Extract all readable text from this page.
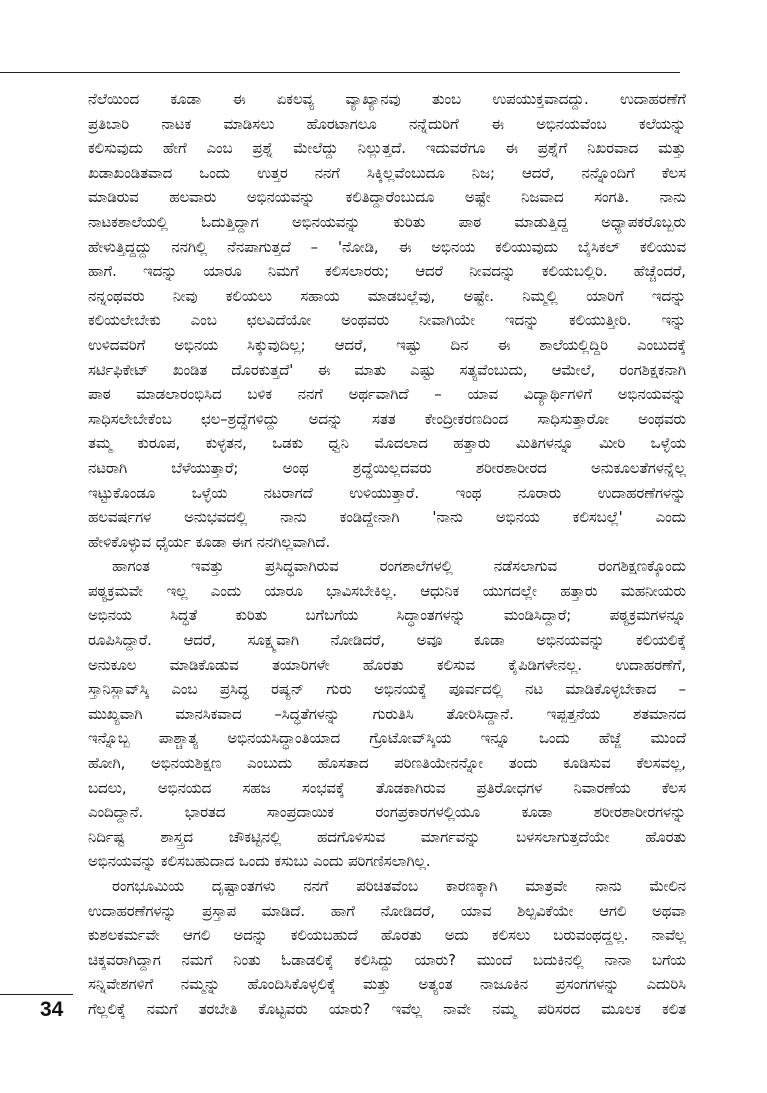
ನೆಲೆಯಿಂದ ಕೂಡಾ ಈ ಏಕಲವ್ಯ ವ್ಯಾಖ್ಯಾನವು ತುಂಬ ಉಪಯುಕ್ತವಾದದ್ದು. ಉದಾಹರಣೆಗೆ

ಪ್ರತಿಬಾರಿ ನಾಟಕ ಮಾಡಿಸಲು ಹೊರಟಾಗಲೂ ನನ್ನೆದುರಿಗೆ ಈ ಅಭಿನಯವೆಂಬ ಕಲೆಯನ್ನು

ಕಲಿಸುವುದು ಹೇಗೆ ಎಂಬ ಪ್ರಶ್ನೆ ಮೇಲೆದ್ದು ನಿಲ್ಲುತ್ತದೆ. ಇದುವರೆಗೂ ಈ ಪ್ರಶ್ನೆಗೆ ನಿಖರವಾದ ಮತ್ತು

ಖಡಾಖಂಡಿತವಾದ ಒಂದು ಉತ್ತರ ನನಗೆ ಸಿಕ್ಕಿಲ್ಲವೆಂಬುದೂ ನಿಜ; ಆದರೆ, ನನ್ನೊಂದಿಗೆ ಕೆಲಸ

ಮಾಡಿರುವ ಹಲವಾರು ಅಭಿನಯವನ್ನು ಕಲಿತಿದ್ದಾರೆಂಬುದೂ ಅಷ್ಟೇ ನಿಜವಾದ ಸಂಗತಿ. ನಾನು

ನಾಟಕಶಾಲೆಯಲ್ಲಿ ಓದುತ್ತಿದ್ದಾಗ ಅಭಿನಯವನ್ನು ಕುರಿತು ಪಾಠ ಮಾಡುತ್ತಿದ್ದ ಅಧ್ಯಾಪಕರೊಬ್ಬರು

ಹೇಳುತ್ತಿದ್ದದ್ದು ನನಗಿಲ್ಲಿ ನೆನಪಾಗುತ್ತದೆ – 'ನೋಡಿ, ಈ ಅಭಿನಯ ಕಲಿಯುವುದು ಬೈಸಿಕಲ್ ಕಲಿಯುವ

ಹಾಗೆ. ಇದನ್ನು ಯಾರೂ ನಿಮಗೆ ಕಲಿಸಲಾರರು; ಆದರೆ ನೀವದನ್ನು ಕಲಿಯಬಲ್ಲಿರಿ. ಹೆಚ್ಚೆಂದರೆ,

ನನ್ನಂಥವರು ನೀವು ಕಲಿಯಲು ಸಹಾಯ ಮಾಡಬಲ್ಲೆವು, ಅಷ್ಟೇ. ನಿಮ್ಮಲ್ಲಿ ಯಾರಿಗೆ ಇದನ್ನು

ಕಲಿಯಲೇಬೇಕು ಎಂಬ ಛಲವಿದೆಯೋ ಅಂಥವರು ನೀವಾಗಿಯೇ ಇದನ್ನು ಕಲಿಯುತ್ತೀರಿ. ಇನ್ನು

ಉಳಿದವರಿಗೆ ಅಭಿನಯ ಸಿಕ್ಕುವುದಿಲ್ಲ; ಆದರೆ, ಇಷ್ಟು ದಿನ ಈ ಶಾಲೆಯಲ್ಲಿದ್ದಿರಿ ಎಂಬುದಕ್ಕೆ

ಸರ್ಟಿಫಿಕೇಟ್ ಖಂಡಿತ ದೊರಕುತ್ತದೆ' ಈ ಮಾತು ಎಷ್ಟು ಸತ್ಯವೆಂಬುದು, ಆಮೇಲೆ, ರಂಗಶಿಕ್ಷಕನಾಗಿ

ಪಾಠ ಮಾಡಲಾರಂಭಿಸಿದ ಬಳಿಕ ನನಗೆ ಅರ್ಥವಾಗಿದೆ – ಯಾವ ವಿದ್ಯಾರ್ಥಿಗಳಿಗೆ ಅಭಿನಯವನ್ನು

ಸಾಧಿಸಲೇಬೇಕೆಂಬ ಛಲ–ಶ್ರದ್ಧೆಗಳಿದ್ದು ಅದನ್ನು ಸತತ ಕೇಂದ್ರೀಕರಣದಿಂದ ಸಾಧಿಸುತ್ತಾರೋ ಅಂಥವರು

ತಮ್ಮ ಕುರೂಪ, ಕುಳ್ಳತನ, ಒಡಕು ಧ್ವನಿ ಮೊದಲಾದ ಹತ್ತಾರು ಮಿತಿಗಳನ್ನೂ ಮೀರಿ ಒಳ್ಳೆಯ

ನಟರಾಗಿ ಬೆಳೆಯುತ್ತಾರೆ; ಅಂಥ ಶ್ರದ್ಧೆಯಿಲ್ಲದವರು ಶರೀರಶಾರೀರದ ಅನುಕೂಲತೆಗಳನ್ನೆಲ್ಲ

ಇಟ್ಟುಕೊಂಡೂ ಒಳ್ಳೆಯ ನಟರಾಗದೆ ಉಳಿಯುತ್ತಾರೆ. ಇಂಥ ನೂರಾರು ಉದಾಹರಣೆಗಳನ್ನು

ಹಲವರ್ಷಗಳ ಅನುಭವದಲ್ಲಿ ನಾನು ಕಂಡಿದ್ದೇನಾಗಿ 'ನಾನು ಅಭಿನಯ ಕಲಿಸಬಲ್ಲೆ' ಎಂದು

ಹೇಳಿಕೊಳ್ಳುವ ಧೈರ್ಯ ಕೂಡಾ ಈಗ ನನಗಿಲ್ಲವಾಗಿದೆ.

ಹಾಗಂತ ಇವತ್ತು ಪ್ರಸಿದ್ಧವಾಗಿರುವ ರಂಗಶಾಲೆಗಳಲ್ಲಿ ನಡೆಸಲಾಗುವ ರಂಗಶಿಕ್ಷಣಕ್ಕೊಂದು

ಪಠ್ಯಕ್ರಮವೇ ಇಲ್ಲ ಎಂದು ಯಾರೂ ಭಾವಿಸಬೇಕಿಲ್ಲ. ಆಧುನಿಕ ಯುಗದಲ್ಲೇ ಹತ್ತಾರು ಮಹನೀಯರು

ಅಭಿನಯ ಸಿದ್ಧತೆ ಕುರಿತು ಬಗೆಬಗೆಯ ಸಿದ್ಧಾಂತಗಳನ್ನು ಮಂಡಿಸಿದ್ದಾರೆ; ಪಠ್ಯಕ್ರಮಗಳನ್ನೂ

ರೂಪಿಸಿದ್ದಾರೆ. ಆದರೆ, ಸೂಕ್ಷ್ಮವಾಗಿ ನೋಡಿದರೆ, ಅವೂ ಕೂಡಾ ಅಭಿನಯವನ್ನು ಕಲಿಯಲಿಕ್ಕೆ

ಅನುಕೂಲ ಮಾಡಿಕೊಡುವ ತಯಾರಿಗಳೇ ಹೊರತು ಕಲಿಸುವ ಕೈಪಿಡಿಗಳೇನಲ್ಲ. ಉದಾಹರಣೆಗೆ,

ಸ್ತಾನಿಸ್ಲಾವ್‌ಸ್ಕಿ ಎಂಬ ಪ್ರಸಿದ್ಧ ರಷ್ಯನ್ ಗುರು ಅಭಿನಯಕ್ಕೆ ಪೂರ್ವದಲ್ಲಿ ನಟ ಮಾಡಿಕೊಳ್ಳಬೇಕಾದ –

ಮುಖ್ಯವಾಗಿ ಮಾನಸಿಕವಾದ –ಸಿದ್ಧತೆಗಳನ್ನು ಗುರುತಿಸಿ ತೋರಿಸಿದ್ದಾನೆ. ಇಪ್ಪತ್ತನೆಯ ಶತಮಾನದ

ಇನ್ನೊಬ್ಬ ಪಾಶ್ಚಾತ್ಯ ಅಭಿನಯಸಿದ್ಧಾಂತಿಯಾದ ಗ್ರೊಟೋವ್‌ಸ್ಕಿಯ ಇನ್ನೂ ಒಂದು ಹೆಜ್ಜೆ ಮುಂದೆ

ಹೋಗಿ, ಅಭಿನಯಶಿಕ್ಷಣ ಎಂಬುದು ಹೊಸತಾದ ಪರಿಣತಿಯೇನನ್ನೋ ತಂದು ಕೂಡಿಸುವ ಕೆಲಸವಲ್ಲ,

ಬದಲು, ಅಭಿನಯದ ಸಹಜ ಸಂಭವಕ್ಕೆ ತೊಡಕಾಗಿರುವ ಪ್ರತಿರೋಧಗಳ ನಿವಾರಣೆಯ ಕೆಲಸ

ಎಂದಿದ್ದಾನೆ. ಭಾರತದ ಸಾಂಪ್ರದಾಯಿಕ ರಂಗಪ್ರಕಾರಗಳಲ್ಲಿಯೂ ಕೂಡಾ ಶರೀರಶಾರೀರಗಳನ್ನು

ನಿರ್ದಿಷ್ಟ ಶಾಸ್ತ್ರದ ಚೌಕಟ್ಟಿನಲ್ಲಿ ಹದಗೊಳಿಸುವ ಮಾರ್ಗವನ್ನು ಬಳಸಲಾಗುತ್ತದೆಯೇ ಹೊರತು

ಅಭಿನಯವನ್ನು ಕಲಿಸಬಹುದಾದ ಒಂದು ಕಸುಬು ಎಂದು ಪರಿಗಣಿಸಲಾಗಿಲ್ಲ.

ರಂಗಭೂಮಿಯ ದೃಷ್ಟಾಂತಗಳು ನನಗೆ ಪರಿಚಿತವೆಂಬ ಕಾರಣಕ್ಕಾಗಿ ಮಾತ್ರವೇ ನಾನು ಮೇಲಿನ

ಉದಾಹರಣೆಗಳನ್ನು ಪ್ರಸ್ತಾಪ ಮಾಡಿದೆ. ಹಾಗೆ ನೋಡಿದರೆ, ಯಾವ ಶಿಲ್ಪವಿಕೆಯೇ ಆಗಲಿ ಅಥವಾ

ಕುಶಲಕರ್ಮವೇ ಆಗಲಿ ಅದನ್ನು ಕಲಿಯಬಹುದೆ ಹೊರತು ಅದು ಕಲಿಸಲು ಬರುವಂಥದ್ದಲ್ಲ. ನಾವೆಲ್ಲ

ಚಿಕ್ಕವರಾಗಿದ್ದಾಗ ನಮಗೆ ನಿಂತು ಓಡಾಡಲಿಕ್ಕೆ ಕಲಿಸಿದ್ದು ಯಾರು? ಮುಂದೆ ಬದುಕಿನಲ್ಲಿ ನಾನಾ ಬಗೆಯ

ಸನ್ನಿವೇಶಗಳಿಗೆ ನಮ್ಮನ್ನು ಹೊಂದಿಸಿಕೊಳ್ಳಲಿಕ್ಕೆ ಮತ್ತು ಅತ್ಯಂತ ನಾಜೂಕಿನ ಪ್ರಸಂಗಗಳನ್ನು ಎದುರಿಸಿ

ಗೆಲ್ಲಲಿಕ್ಕೆ ನಮಗೆ ತರಬೇತಿ ಕೊಟ್ಟವರು ಯಾರು? ಇವೆಲ್ಲ ನಾವೇ ನಮ್ಮ ಪರಿಸರದ ಮೂಲಕ ಕಲಿತ

34
